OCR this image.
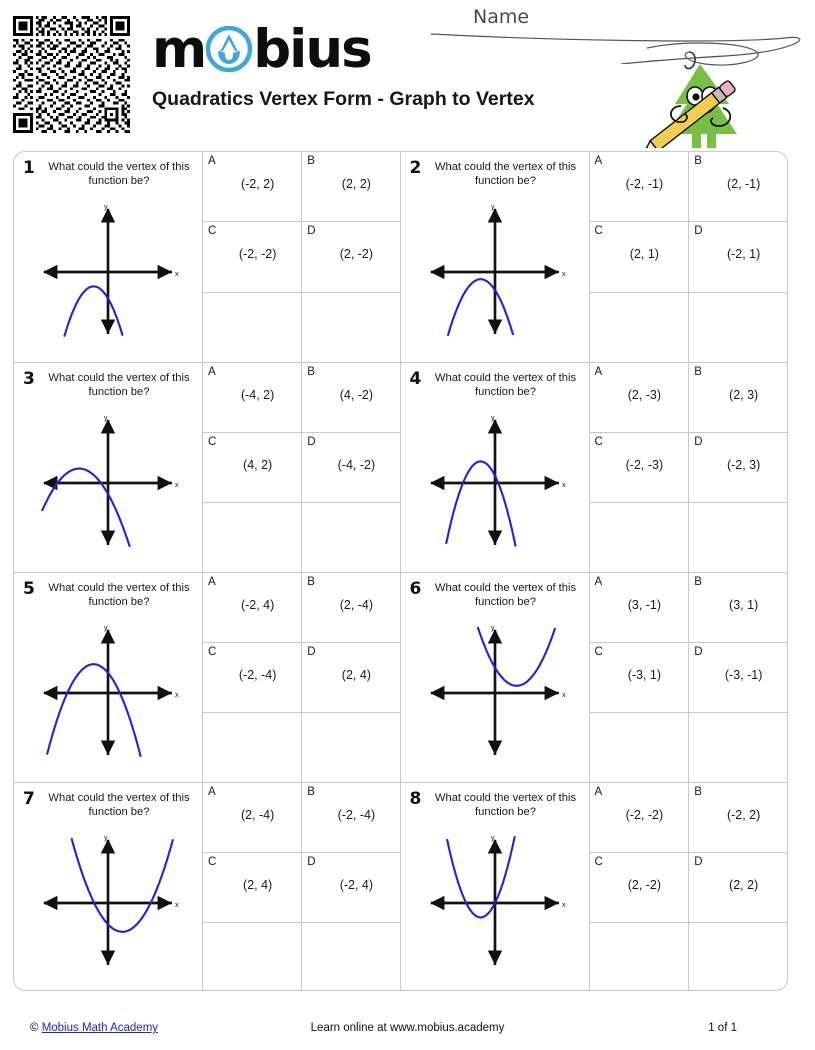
m bius
Quadratics Vertex Form - Graph to Vertex
Name
1	What could the vertex of this function be?
y
x
A
(-2, 2)
B
(2, 2)
C
(-2, -2)
D
(2, -2)
2	What could the vertex of this function be?
y
x
A
(-2, -1)
B
(2, -1)
C
(2, 1)
D
(-2, 1)
3	What could the vertex of this function be?
y
x
A
(-4, 2)
B
(4, -2)
C
(4, 2)
D
(-4, -2)
4	What could the vertex of this function be?
y
x
A
(2, -3)
B
(2, 3)
C
(-2, -3)
D
(-2, 3)
5	What could the vertex of this function be?
y
x
A
(-2, 4)
B
(2, -4)
C
(-2, -4)
D
(2, 4)
6	What could the vertex of this function be?
y
x
A
(3, -1)
B
(3, 1)
C
(-3, 1)
D
(-3, -1)
7	What could the vertex of this function be?
y
x
A
(2, -4)
B
(-2, -4)
C
(2, 4)
D
(-2, 4)
8	What could the vertex of this function be?
y
x
A
(-2, -2)
B
(-2, 2)
C
(2, -2)
D
(2, 2)
© Mobius Math Academy	Learn online at www.mobius.academy	1 of 1
